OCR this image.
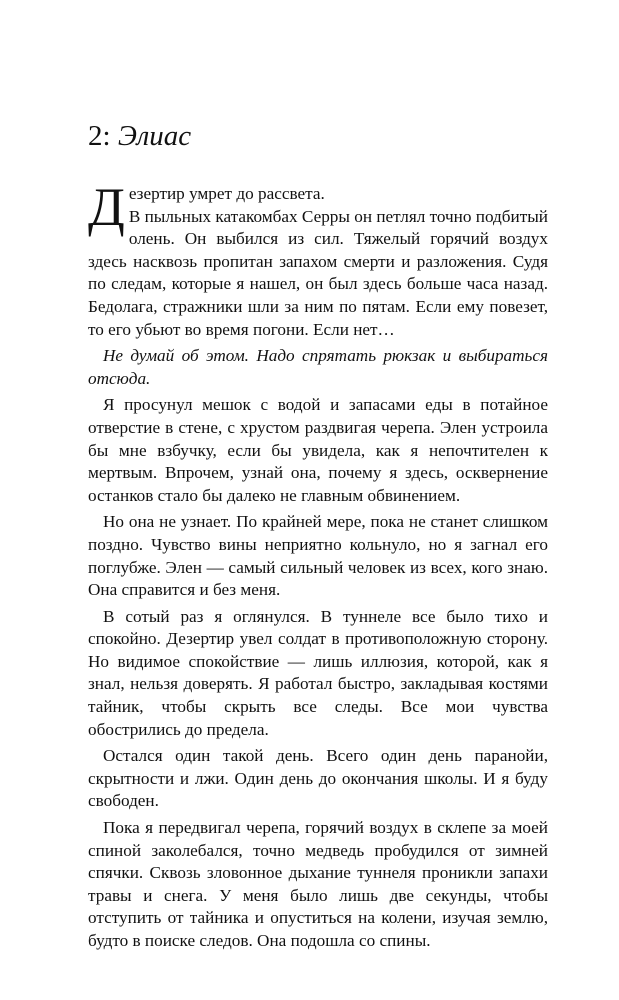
2: Элиас

Дезертир умрет до рассвета.
В пыльных катакомбах Серры он петлял точно подбитый олень. Он выбился из сил. Тяжелый горячий воздух здесь насквозь пропитан запахом смерти и разложения. Судя по следам, которые я нашел, он был здесь больше часа назад. Бедолага, стражники шли за ним по пятам. Если ему повезет, то его убьют во время погони. Если нет…

Не думай об этом. Надо спрятать рюкзак и выбираться отсюда.

Я просунул мешок с водой и запасами еды в потайное отверстие в стене, с хрустом раздвигая черепа. Элен устроила бы мне взбучку, если бы увидела, как я непочтителен к мертвым. Впрочем, узнай она, почему я здесь, осквернение останков стало бы далеко не главным обвинением.

Но она не узнает. По крайней мере, пока не станет слишком поздно. Чувство вины неприятно кольнуло, но я загнал его поглубже. Элен — самый сильный человек из всех, кого знаю. Она справится и без меня.

В сотый раз я оглянулся. В туннеле все было тихо и спокойно. Дезертир увел солдат в противоположную сторону. Но видимое спокойствие — лишь иллюзия, которой, как я знал, нельзя доверять. Я работал быстро, закладывая костями тайник, чтобы скрыть все следы. Все мои чувства обострились до предела.

Остался один такой день. Всего один день паранойи, скрытности и лжи. Один день до окончания школы. И я буду свободен.

Пока я передвигал черепа, горячий воздух в склепе за моей спиной заколебался, точно медведь пробудился от зимней спячки. Сквозь зловонное дыхание туннеля проникли запахи травы и снега. У меня было лишь две секунды, чтобы отступить от тайника и опуститься на колени, изучая землю, будто в поиске следов. Она подошла со спины.
